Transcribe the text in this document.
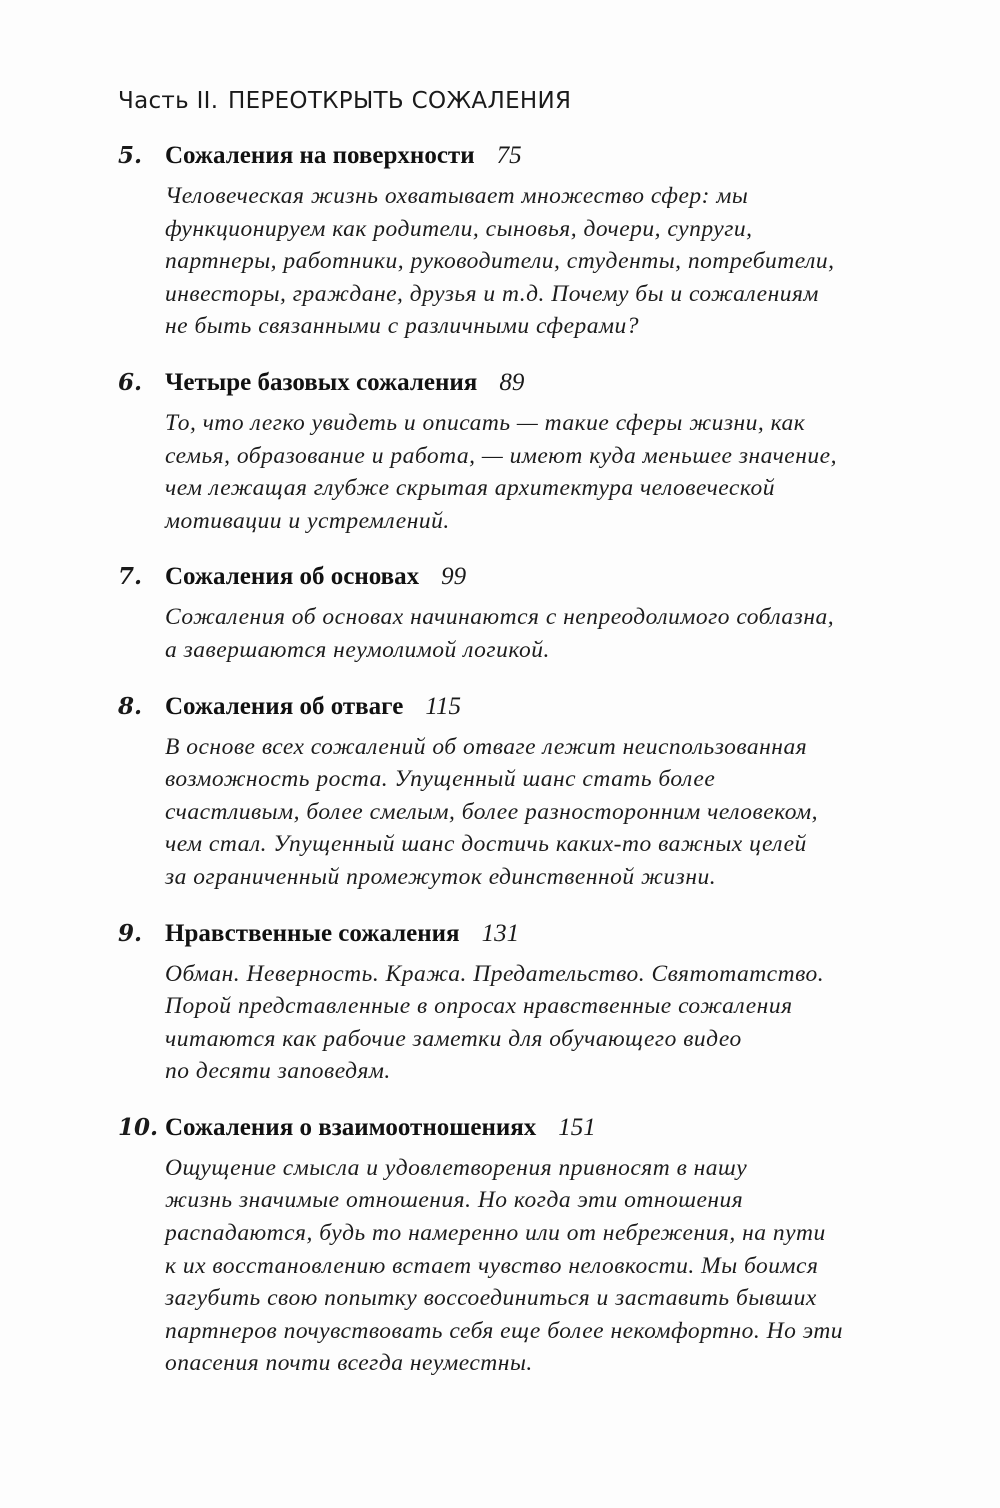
Часть II. ПЕРЕОТКРЫТЬ СОЖАЛЕНИЯ
5. Сожаления на поверхности 75
Человеческая жизнь охватывает множество сфер: мы
функционируем как родители, сыновья, дочери, супруги,
партнеры, работники, руководители, студенты, потребители,
инвесторы, граждане, друзья и т.д. Почему бы и сожалениям
не быть связанными с различными сферами?
6. Четыре базовых сожаления 89
То, что легко увидеть и описать — такие сферы жизни, как
семья, образование и работа, — имеют куда меньшее значение,
чем лежащая глубже скрытая архитектура человеческой
мотивации и устремлений.
7. Сожаления об основах 99
Сожаления об основах начинаются с непреодолимого соблазна,
а завершаются неумолимой логикой.
8. Сожаления об отваге 115
В основе всех сожалений об отваге лежит неиспользованная
возможность роста. Упущенный шанс стать более
счастливым, более смелым, более разносторонним человеком,
чем стал. Упущенный шанс достичь каких-то важных целей
за ограниченный промежуток единственной жизни.
9. Нравственные сожаления 131
Обман. Неверность. Кража. Предательство. Святотатство.
Порой представленные в опросах нравственные сожаления
читаются как рабочие заметки для обучающего видео
по десяти заповедям.
10. Сожаления о взаимоотношениях 151
Ощущение смысла и удовлетворения привносят в нашу
жизнь значимые отношения. Но когда эти отношения
распадаются, будь то намеренно или от небрежения, на пути
к их восстановлению встает чувство неловкости. Мы боимся
загубить свою попытку воссоединиться и заставить бывших
партнеров почувствовать себя еще более некомфортно. Но эти
опасения почти всегда неуместны.
